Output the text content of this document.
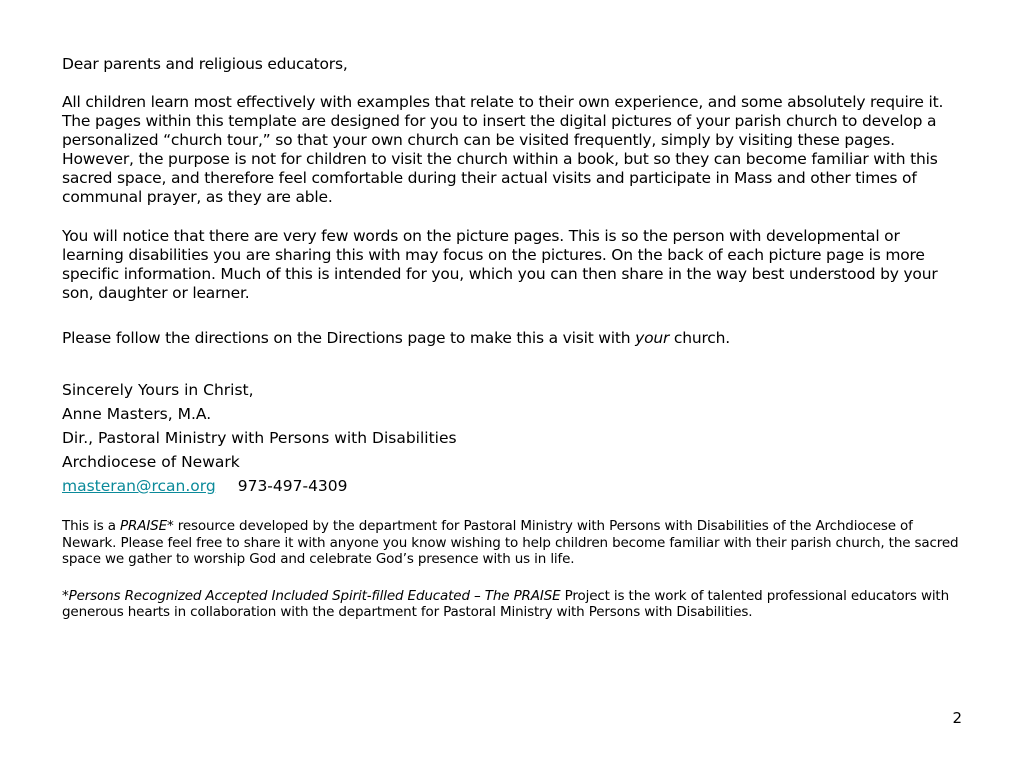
Dear parents and religious educators,

All children learn most effectively with examples that relate to their own experience, and some absolutely require it. The pages within this template are designed for you to insert the digital pictures of your parish church to develop a personalized “church tour,” so that your own church can be visited frequently, simply by visiting these pages. However, the purpose is not for children to visit the church within a book, but so they can become familiar with this sacred space, and therefore feel comfortable during their actual visits and participate in Mass and other times of communal prayer, as they are able.

You will notice that there are very few words on the picture pages. This is so the person with developmental or learning disabilities you are sharing this with may focus on the pictures. On the back of each picture page is more specific information. Much of this is intended for you, which you can then share in the way best understood by your son, daughter or learner.

Please follow the directions on the Directions page to make this a visit with your church.

Sincerely Yours in Christ,
Anne Masters, M.A.
Dir., Pastoral Ministry with Persons with Disabilities
Archdiocese of Newark
masteran@rcan.org 973-497-4309

This is a PRAISE* resource developed by the department for Pastoral Ministry with Persons with Disabilities of the Archdiocese of Newark. Please feel free to share it with anyone you know wishing to help children become familiar with their parish church, the sacred space we gather to worship God and celebrate God’s presence with us in life.

*Persons Recognized Accepted Included Spirit-filled Educated – The PRAISE Project is the work of talented professional educators with generous hearts in collaboration with the department for Pastoral Ministry with Persons with Disabilities.

2
